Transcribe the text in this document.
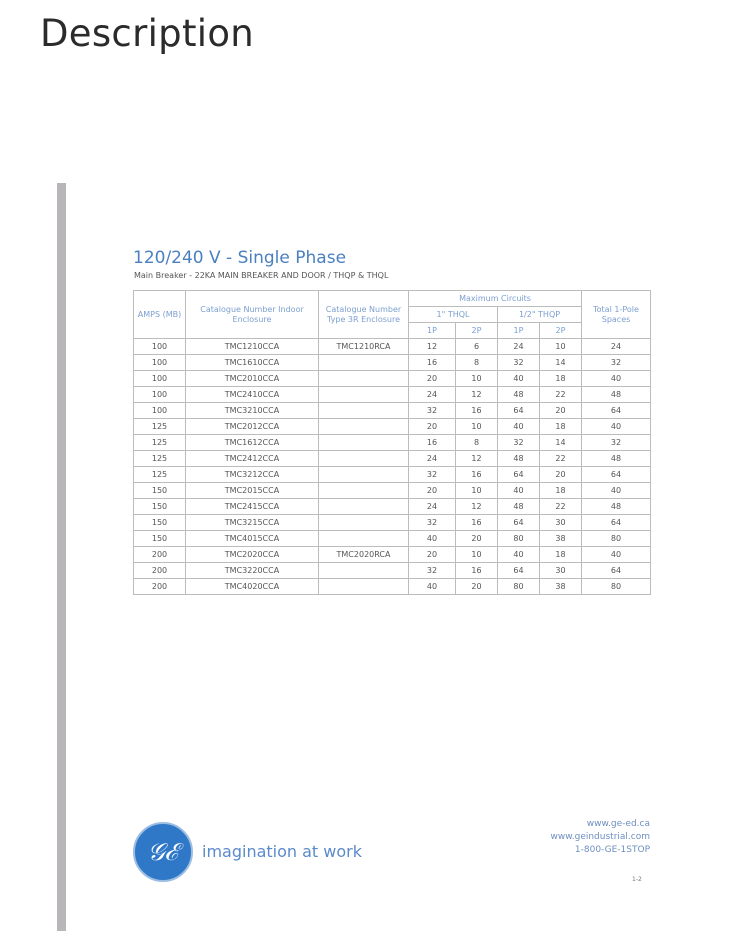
Description
120/240 V - Single Phase
Main Breaker - 22KA MAIN BREAKER AND DOOR / THQP & THQL
AMPS (MB)	Catalogue Number Indoor Enclosure	Catalogue Number Type 3R Enclosure	Maximum Circuits				Total 1-Pole Spaces
			1" THQL		1/2" THQP		
			1P	2P	1P	2P	
100	TMC1210CCA	TMC1210RCA	12	6	24	10	24
100	TMC1610CCA		16	8	32	14	32
100	TMC2010CCA		20	10	40	18	40
100	TMC2410CCA		24	12	48	22	48
100	TMC3210CCA		32	16	64	20	64
125	TMC2012CCA		20	10	40	18	40
125	TMC1612CCA		16	8	32	14	32
125	TMC2412CCA		24	12	48	22	48
125	TMC3212CCA		32	16	64	20	64
150	TMC2015CCA		20	10	40	18	40
150	TMC2415CCA		24	12	48	22	48
150	TMC3215CCA		32	16	64	30	64
150	TMC4015CCA		40	20	80	38	80
200	TMC2020CCA	TMC2020RCA	20	10	40	18	40
200	TMC3220CCA		32	16	64	30	64
200	TMC4020CCA		40	20	80	38	80
𝒢ℰ	imagination at work
www.ge-ed.ca
www.geindustrial.com
1-800-GE-1STOP
1-2
